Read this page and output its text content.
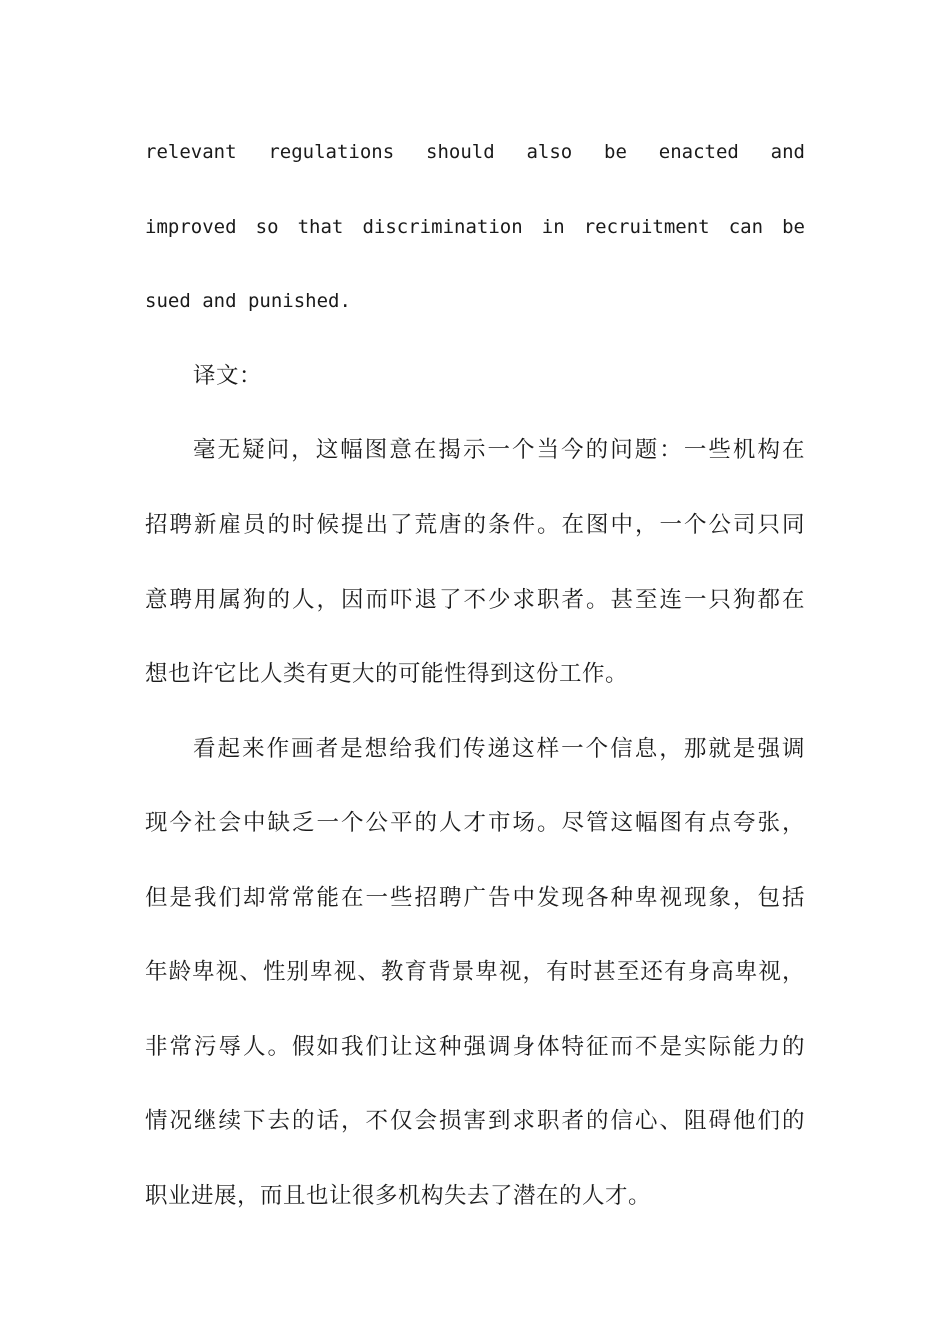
relevant regulations should also be enacted and
improved so that discrimination in recruitment can be
sued and punished.
译文：
毫无疑问，这幅图意在揭示一个当今的问题：一些机构在
招聘新雇员的时候提出了荒唐的条件。在图中，一个公司只同
意聘用属狗的人，因而吓退了不少求职者。甚至连一只狗都在
想也许它比人类有更大的可能性得到这份工作。
看起来作画者是想给我们传递这样一个信息，那就是强调
现今社会中缺乏一个公平的人才市场。尽管这幅图有点夸张，
但是我们却常常能在一些招聘广告中发现各种卑视现象，包括
年龄卑视、性别卑视、教育背景卑视，有时甚至还有身高卑视，
非常污辱人。假如我们让这种强调身体特征而不是实际能力的
情况继续下去的话，不仅会损害到求职者的信心、阻碍他们的
职业进展，而且也让很多机构失去了潜在的人才。
